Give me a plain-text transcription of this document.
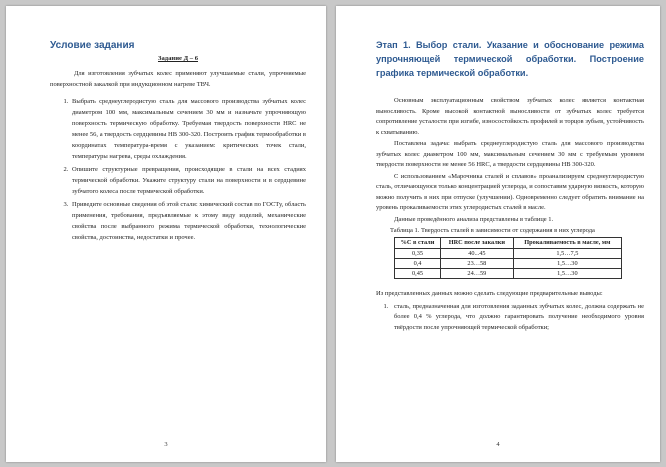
Условие задания
Задание Д – 6

Для изготовления зубчатых колес применяют улучшаемые стали, упрочняемые поверхностной закалкой при индукционном нагреве ТВЧ.

1. Выбрать среднеуглеродистую сталь для массового производства зубчатых колес диаметром 100 мм, максимальным сечением 30 мм и назначьте упрочняющую поверхность термическую обработку. Требуемая твердость поверхности HRC не менее 56, а твердость сердцевины НВ 300-320. Построить график термообработки в координатах температура-время с указанием: критических точек стали, температуры нагрева, среды охлаждения.
2. Опишите структурные превращения, происходящие в стали на всех стадиях термической обработки. Укажите структуру стали на поверхности и в сердцевине зубчатого колеса после термической обработки.
3. Приведите основные сведения об этой стали: химический состав по ГОСТу, область применения, требования, предъявляемые к этому виду изделий, механические свойства после выбранного режима термической обработки, технологические свойства, достоинства, недостатки и прочее.
3
Этап 1. Выбор стали. Указание и обоснование режима упрочняющей термической обработки. Построение графика термической обработки.

Основным эксплуатационным свойством зубчатых колес является контактная выносливость. Кроме высокой контактной выносливости от зубчатых колес требуется сопротивление усталости при изгибе, износостойкость профилей и торцов зубьев, устойчивость к схватыванию.

Поставлена задача: выбрать среднеуглеродистую сталь для массового производства зубчатых колес диаметром 100 мм, максимальным сечением 30 мм с требуемым уровнем твердости поверхности не менее 56 HRC, а твердости сердцевины НВ 300-320.

С использованием «Марочника сталей и сплавов» проанализируем среднеуглеродистую сталь, отличающуюся только концентрацией углерода, и сопоставим ударную вязкость, которую можно получить в них при отпуске (улучшении). Одновременно следует обратить внимание на уровень прокаливаемости этих углеродистых сталей в масле.

Данные проведённого анализа представлены в таблице 1.

Таблица 1. Твердость сталей в зависимости от содержания в них углерода
%С в стали	HRC после закалки	Прокаливаемость в масле, мм
0,35	40...45	1,5…7,5
0,4	23…58	1,5…30
0,45	24…59	1,5…30

Из представленных данных можно сделать следующие предварительные выводы:

1. сталь, предназначенная для изготовления заданных зубчатых колес, должна содержать не более 0,4 % углерода, что должно гарантировать получение необходимого уровня твёрдости после упрочняющей термической обработки;
4
